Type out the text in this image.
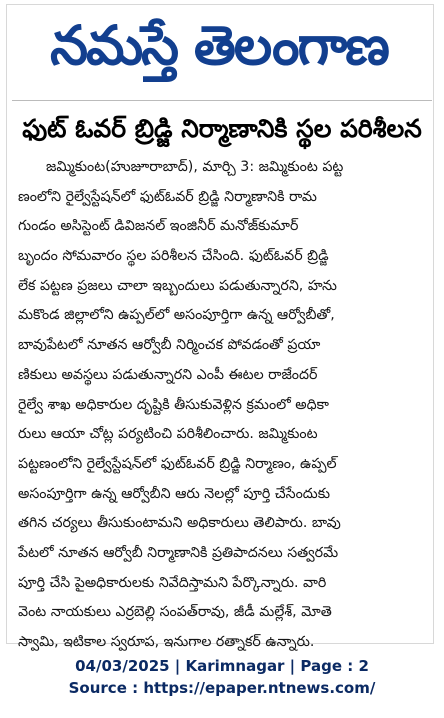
నమస్తే తెలంగాణ
ఫుట్ ఓవర్ బ్రిడ్జి నిర్మాణానికి స్థల పరిశీలన
జమ్మికుంట(హుజూరాబాద్), మార్చి 3: జమ్మికుంట పట్ట
ణంలోని రైల్వేస్టేషన్‌లో ఫుట్‌ఓవర్ బ్రిడ్జి నిర్మాణానికి రామ
గుండం అసిస్టెంట్ డివిజనల్ ఇంజినీర్ మనోజ్‌కుమార్
బృందం సోమవారం స్థల పరిశీలన చేసింది. ఫుట్‌ఓవర్ బ్రిడ్జి
లేక పట్టణ ప్రజలు చాలా ఇబ్బందులు పడుతున్నారని, హను
మకొండ జిల్లాలోని ఉప్పల్‌లో అసంపూర్తిగా ఉన్న ఆర్వోబీతో,
బావుపేటలో నూతన ఆర్వోబీ నిర్మించక పోవడంతో ప్రయా
ణికులు అవస్థలు పడుతున్నారని ఎంపీ ఈటల రాజేందర్
రైల్వే శాఖ అధికారుల దృష్టికి తీసుకువెళ్లిన క్రమంలో అధికా
రులు ఆయా చోట్ల పర్యటించి పరిశీలించారు. జమ్మికుంట
పట్టణంలోని రైల్వేస్టేషన్‌లో ఫుట్‌ఓవర్ బ్రిడ్జి నిర్మాణం, ఉప్పల్
అసంపూర్తిగా ఉన్న ఆర్వోబీని ఆరు నెలల్లో పూర్తి చేసేందుకు
తగిన చర్యలు తీసుకుంటామని అధికారులు తెలిపారు. బావు
పేటలో నూతన ఆర్వోబీ నిర్మాణానికి ప్రతిపాదనలు సత్వరమే
పూర్తి చేసి పైఅధికారులకు నివేదిస్తామని పేర్కొన్నారు. వారి
వెంట నాయకులు ఎర్రబెల్లి సంపత్‌రావు, జీడీ మల్లేశ్, మోతె
స్వామి, ఇటికాల స్వరూప, ఇనుగాల రత్నాకర్ ఉన్నారు.
04/03/2025 | Karimnagar | Page : 2
Source : https://epaper.ntnews.com/
